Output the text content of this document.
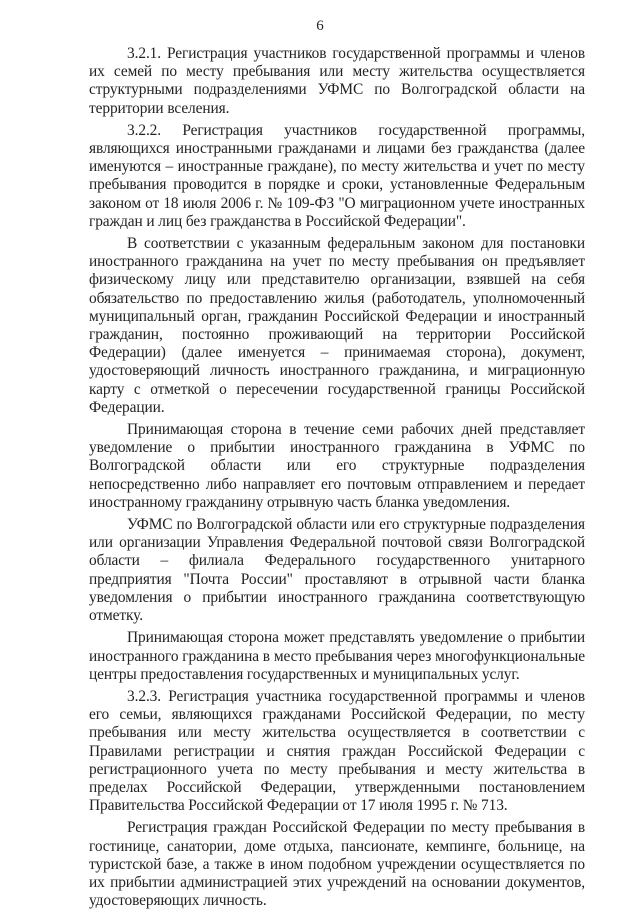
6

3.2.1. Регистрация участников государственной программы и членов их семей по месту пребывания или месту жительства осуществляется структурными подразделениями УФМС по Волгоградской области на территории вселения.

3.2.2. Регистрация участников государственной программы, являющихся иностранными гражданами и лицами без гражданства (далее именуются – иностранные граждане), по месту жительства и учет по месту пребывания проводится в порядке и сроки, установленные Федеральным законом от 18 июля 2006 г. № 109-ФЗ "О миграционном учете иностранных граждан и лиц без гражданства в Российской Федерации".

В соответствии с указанным федеральным законом для постановки иностранного гражданина на учет по месту пребывания он предъявляет физическому лицу или представителю организации, взявшей на себя обязательство по предоставлению жилья (работодатель, уполномоченный муниципальный орган, гражданин Российской Федерации и иностранный гражданин, постоянно проживающий на территории Российской Федерации) (далее именуется – принимаемая сторона), документ, удостоверяющий личность иностранного гражданина, и миграционную карту с отметкой о пересечении государственной границы Российской Федерации.

Принимающая сторона в течение семи рабочих дней представляет уведомление о прибытии иностранного гражданина в УФМС по Волгоградской области или его структурные подразделения непосредственно либо направляет его почтовым отправлением и передает иностранному гражданину отрывную часть бланка уведомления.

УФМС по Волгоградской области или его структурные подразделения или организации Управления Федеральной почтовой связи Волгоградской области – филиала Федерального государственного унитарного предприятия "Почта России" проставляют в отрывной части бланка уведомления о прибытии иностранного гражданина соответствующую отметку.

Принимающая сторона может представлять уведомление о прибытии иностранного гражданина в место пребывания через многофункциональные центры предоставления государственных и муниципальных услуг.

3.2.3. Регистрация участника государственной программы и членов его семьи, являющихся гражданами Российской Федерации, по месту пребывания или месту жительства осуществляется в соответствии с Правилами регистрации и снятия граждан Российской Федерации с регистрационного учета по месту пребывания и месту жительства в пределах Российской Федерации, утвержденными постановлением Правительства Российской Федерации от 17 июля 1995 г. № 713.

Регистрация граждан Российской Федерации по месту пребывания в гостинице, санатории, доме отдыха, пансионате, кемпинге, больнице, на туристской базе, а также в ином подобном учреждении осуществляется по их прибытии администрацией этих учреждений на основании документов, удостоверяющих личность.
